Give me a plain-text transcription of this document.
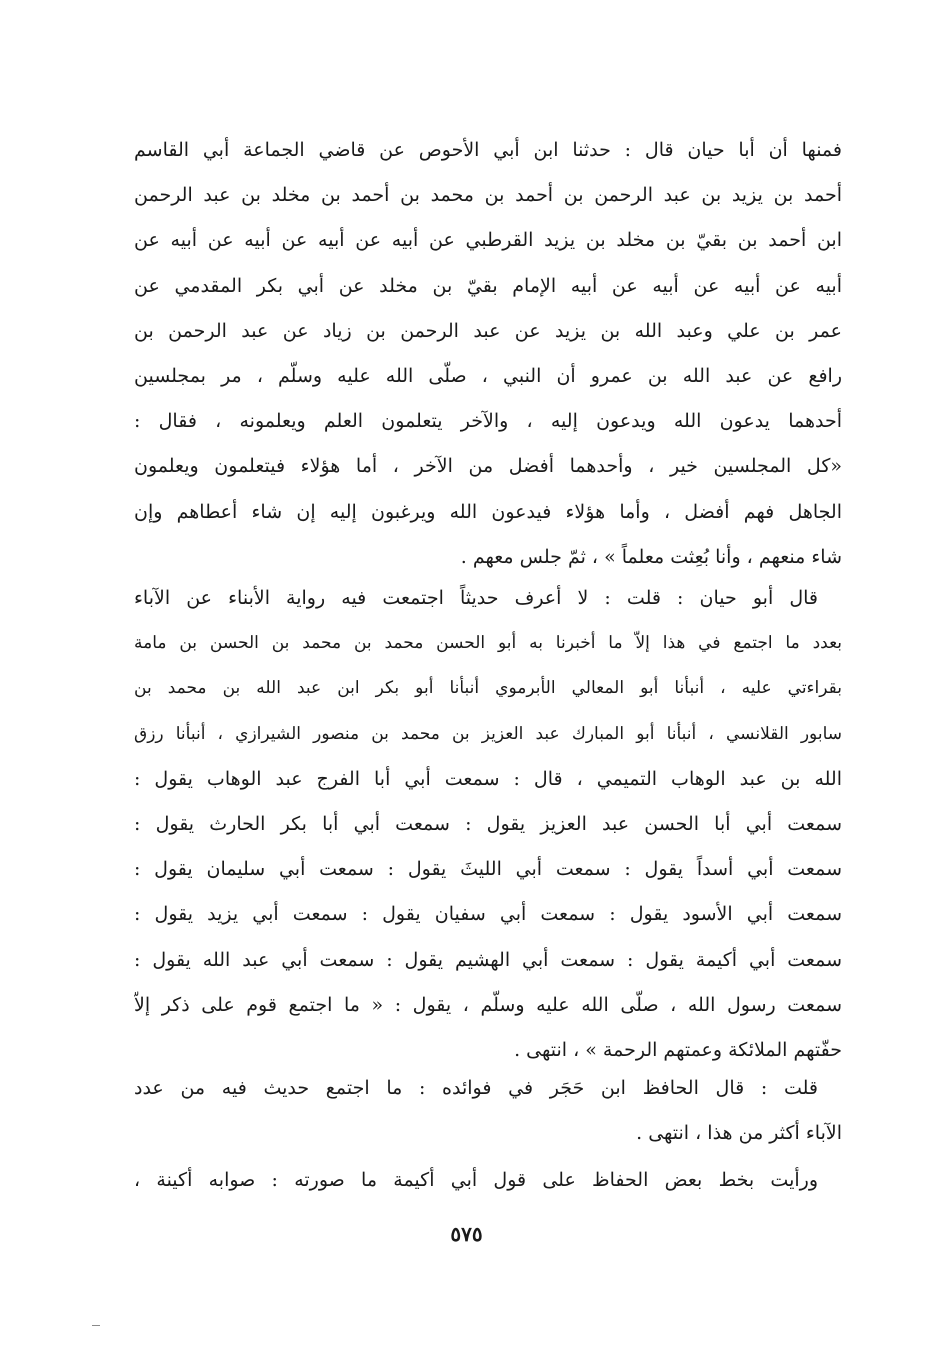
فمنها أن أبا حيان قال : حدثنا ابن أبي الأحوص عن قاضي الجماعة أبي القاسم
أحمد بن يزيد بن عبد الرحمن بن أحمد بن محمد بن أحمد بن مخلد بن عبد الرحمن
ابن أحمد بن بقيّ بن مخلد بن يزيد القرطبي عن أبيه عن أبيه عن أبيه عن أبيه عن
أبيه عن أبيه عن أبيه عن أبيه الإمام بقيّ بن مخلد عن أبي بكر المقدمي عن
عمر بن علي وعبد الله بن يزيد عن عبد الرحمن بن زياد عن عبد الرحمن بن
رافع عن عبد الله بن عمرو أن النبي ، صلّى الله عليه وسلّم ، مر بمجلسين
أحدهما يدعون الله ويدعون إليه ، والآخر يتعلمون العلم ويعلمونه ، فقال :
«كل المجلسين خير ، وأحدهما أفضل من الآخر ، أما هؤلاء فيتعلمون ويعلمون
الجاهل فهم أفضل ، وأما هؤلاء فيدعون الله ويرغبون إليه إن شاء أعطاهم وإن
شاء منعهم ، وأنا بُعِثت معلماً » ، ثمّ جلس معهم .
قال أبو حيان : قلت : لا أعرف حديثاً اجتمعت فيه رواية الأبناء عن الآباء
بعدد ما اجتمع في هذا إلاّ ما أخبرنا به أبو الحسن محمد بن محمد بن الحسن بن مامة
بقراءتي عليه ، أنبأنا أبو المعالي الأبرموي أنبأنا أبو بكر ابن عبد الله بن محمد بن
سابور القلانسي ، أنبأنا أبو المبارك عبد العزيز بن محمد بن منصور الشيرازي ، أنبأنا رزق
الله بن عبد الوهاب التميمي ، قال : سمعت أبي أبا الفرج عبد الوهاب يقول :
سمعت أبي أبا الحسن عبد العزيز يقول : سمعت أبي أبا بكر الحارث يقول :
سمعت أبي أسداً يقول : سمعت أبي الليثَ يقول : سمعت أبي سليمان يقول :
سمعت أبي الأسود يقول : سمعت أبي سفيان يقول : سمعت أبي يزيد يقول :
سمعت أبي أكيمة يقول : سمعت أبي الهشيم يقول : سمعت أبي عبد الله يقول :
سمعت رسول الله ، صلّى الله عليه وسلّم ، يقول : « ما اجتمع قوم على ذكر إلاّ
حفّتهم الملائكة وعمتهم الرحمة » ، انتهى .
قلت : قال الحافظ ابن حَجَر في فوائده : ما اجتمع حديث فيه من عدد
الآباء أكثر من هذا ، انتهى .
ورأيت بخط بعض الحفاظ على قول أبي أكيمة ما صورته : صوابه أكينة ،
٥٧٥
